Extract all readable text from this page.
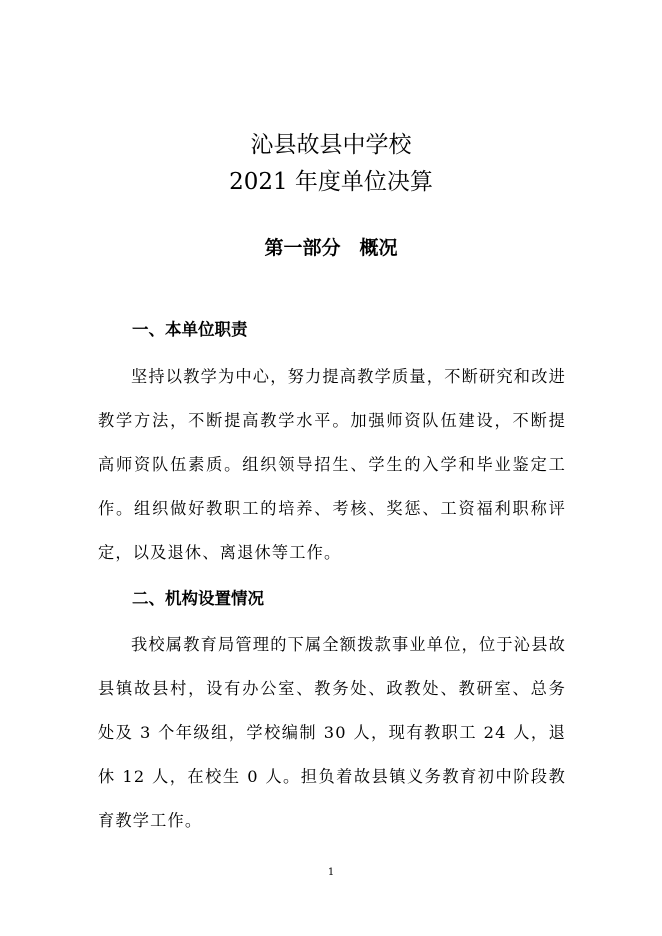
沁县故县中学校
2021 年度单位决算
第一部分　概况
一、本单位职责
坚持以教学为中心，努力提高教学质量，不断研究和改进教学方法，不断提高教学水平。加强师资队伍建设，不断提高师资队伍素质。组织领导招生、学生的入学和毕业鉴定工作。组织做好教职工的培养、考核、奖惩、工资福利职称评定，以及退休、离退休等工作。
二、机构设置情况
我校属教育局管理的下属全额拨款事业单位，位于沁县故县镇故县村，设有办公室、教务处、政教处、教研室、总务处及 3 个年级组，学校编制 30 人，现有教职工 24 人，退休 12 人，在校生 0 人。担负着故县镇义务教育初中阶段教育教学工作。
1
